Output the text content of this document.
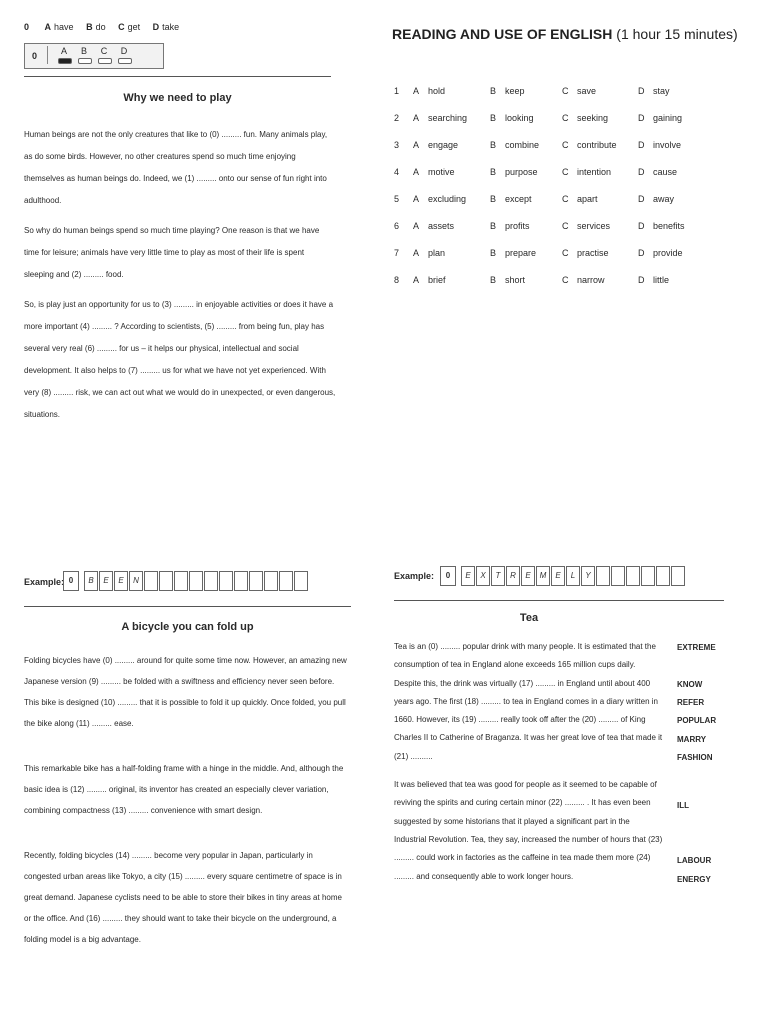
0 A have B do C get D take
0	A	B	C	D
Why we need to play

Human beings are not the only creatures that like to (0) ......... fun. Many animals play, as do some birds. However, no other creatures spend so much time enjoying themselves as human beings do. Indeed, we (1) ......... onto our sense of fun right into adulthood.

So why do human beings spend so much time playing? One reason is that we have time for leisure; animals have very little time to play as most of their life is spent sleeping and (2) ......... food.

So, is play just an opportunity for us to (3) ......... in enjoyable activities or does it have a more important (4) ......... ? According to scientists, (5) ......... from being fun, play has several very real (6) ......... for us – it helps our physical, intellectual and social development. It also helps to (7) ......... us for what we have not yet experienced. With very (8) ......... risk, we can act out what we would do in unexpected, or even dangerous, situations.

READING AND USE OF ENGLISH (1 hour 15 minutes)
1 A hold	B keep	C save	D stay
2 A searching	B looking	C seeking	D gaining
3 A engage	B combine	C contribute D involve
4 A motive	B purpose	C intention	D cause
5 A excluding	B except	C apart	D away
6 A assets	B profits	C services	D benefits
7 A plan	B prepare	C practise	D provide
8 A brief	B short	C narrow	D little
Example: 0	B	E	E	N
A bicycle you can fold up

Folding bicycles have (0) ......... around for quite some time now. However, an amazing new Japanese version (9) ......... be folded with a swiftness and efficiency never seen before. This bike is designed (10) ......... that it is possible to fold it up quickly. Once folded, you pull the bike along (11) ......... ease.

This remarkable bike has a half-folding frame with a hinge in the middle. And, although the basic idea is (12) ......... original, its inventor has created an especially clever variation, combining compactness (13) ......... convenience with smart design.

Recently, folding bicycles (14) ......... become very popular in Japan, particularly in congested urban areas like Tokyo, a city (15) ......... every square centimetre of space is in great demand. Japanese cyclists need to be able to store their bikes in tiny areas at home or the office. And (16) ......... they should want to take their bicycle on the underground, a folding model is a big advantage.

Example:	0	E	X	T	R	E	M	E	L	Y
Tea

Tea is an (0) ......... popular drink with many people. It is estimated that the consumption of tea in England alone exceeds 165 million cups daily. Despite this, the drink was virtually (17) ......... in England until about 400 years ago. The first (18) ......... to tea in England comes in a diary written in 1660. However, its (19) ......... really took off after the (20) ......... of King Charles II to Catherine of Braganza. It was her great love of tea that made it (21) ..........

It was believed that tea was good for people as it seemed to be capable of reviving the spirits and curing certain minor (22) ......... . It has even been suggested by some historians that it played a significant part in the Industrial Revolution. Tea, they say, increased the number of hours that (23) ......... could work in factories as the caffeine in tea made them more (24) ......... and consequently able to work longer hours.

EXTREME
KNOW
REFER
POPULAR
MARRY
FASHION
ILL
LABOUR
ENERGY
